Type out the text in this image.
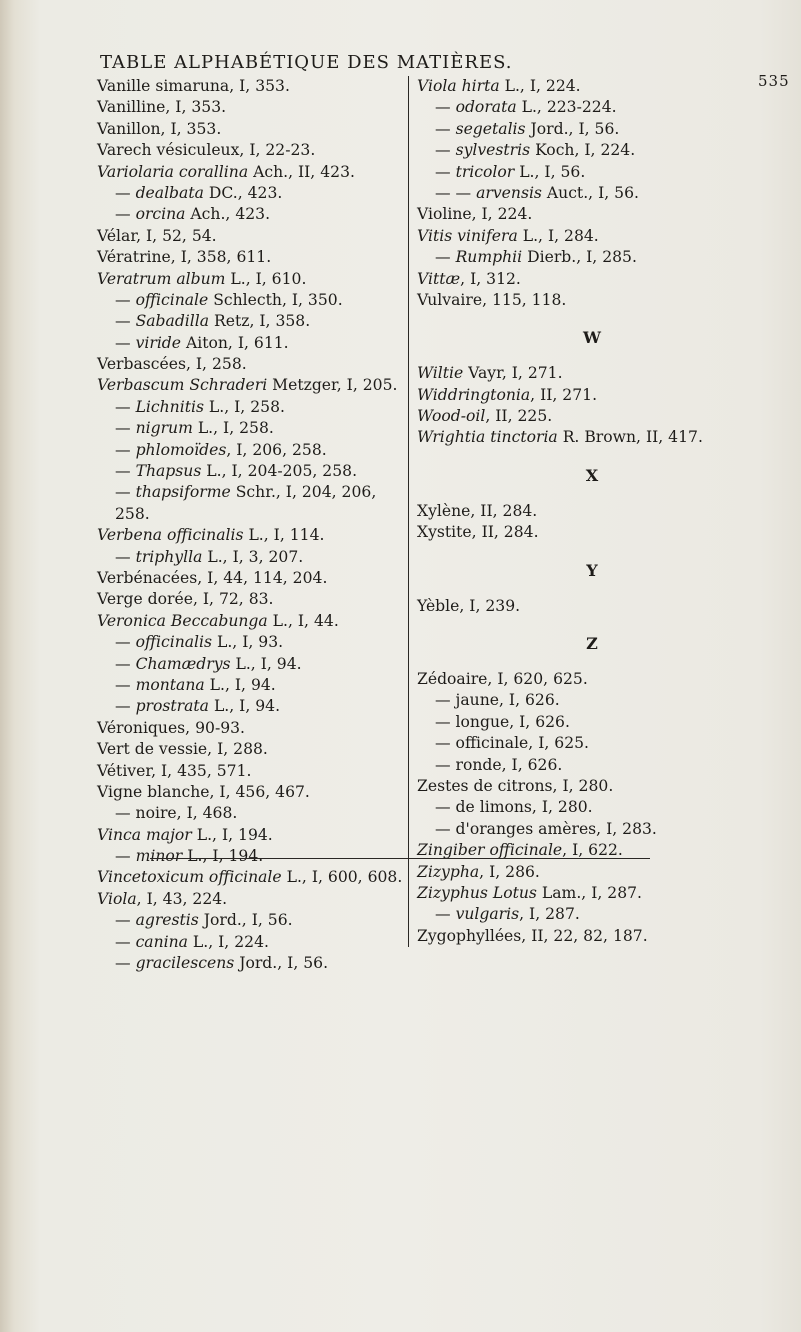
TABLE ALPHABÉTIQUE DES MATIÈRES.
535
Vanille simaruna, I, 353.
Vanilline, I, 353.
Vanillon, I, 353.
Varech vésiculeux, I, 22-23.
Variolaria corallina Ach., II, 423.
— dealbata DC., 423.
— orcina Ach., 423.
Vélar, I, 52, 54.
Vératrine, I, 358, 611.
Veratrum album L., I, 610.
— officinale Schlecth, I, 350.
— Sabadilla Retz, I, 358.
— viride Aiton, I, 611.
Verbascées, I, 258.
Verbascum Schraderi Metzger, I, 205.
— Lichnitis L., I, 258.
— nigrum L., I, 258.
— phlomoïdes, I, 206, 258.
— Thapsus L., I, 204-205, 258.
— thapsiforme Schr., I, 204, 206,
258.
Verbena officinalis L., I, 114.
— triphylla L., I, 3, 207.
Verbénacées, I, 44, 114, 204.
Verge dorée, I, 72, 83.
Veronica Beccabunga L., I, 44.
— officinalis L., I, 93.
— Chamædrys L., I, 94.
— montana L., I, 94.
— prostrata L., I, 94.
Véroniques, 90-93.
Vert de vessie, I, 288.
Vétiver, I, 435, 571.
Vigne blanche, I, 456, 467.
— noire, I, 468.
Vinca major L., I, 194.
— minor L., I, 194.
Vincetoxicum officinale L., I, 600, 608.
Viola, I, 43, 224.
— agrestis Jord., I, 56.
— canina L., I, 224.
— gracilescens Jord., I, 56.
Viola hirta L., I, 224.
— odorata L., 223-224.
— segetalis Jord., I, 56.
— sylvestris Koch, I, 224.
— tricolor L., I, 56.
— — arvensis Auct., I, 56.
Violine, I, 224.
Vitis vinifera L., I, 284.
— Rumphii Dierb., I, 285.
Vittæ, I, 312.
Vulvaire, 115, 118.
W
Wiltie Vayr, I, 271.
Widdringtonia, II, 271.
Wood-oil, II, 225.
Wrightia tinctoria R. Brown, II, 417.
X
Xylène, II, 284.
Xystite, II, 284.
Y
Yèble, I, 239.
Z
Zédoaire, I, 620, 625.
— jaune, I, 626.
— longue, I, 626.
— officinale, I, 625.
— ronde, I, 626.
Zestes de citrons, I, 280.
— de limons, I, 280.
— d'oranges amères, I, 283.
Zingiber officinale, I, 622.
Zizypha, I, 286.
Zizyphus Lotus Lam., I, 287.
— vulgaris, I, 287.
Zygophyllées, II, 22, 82, 187.
